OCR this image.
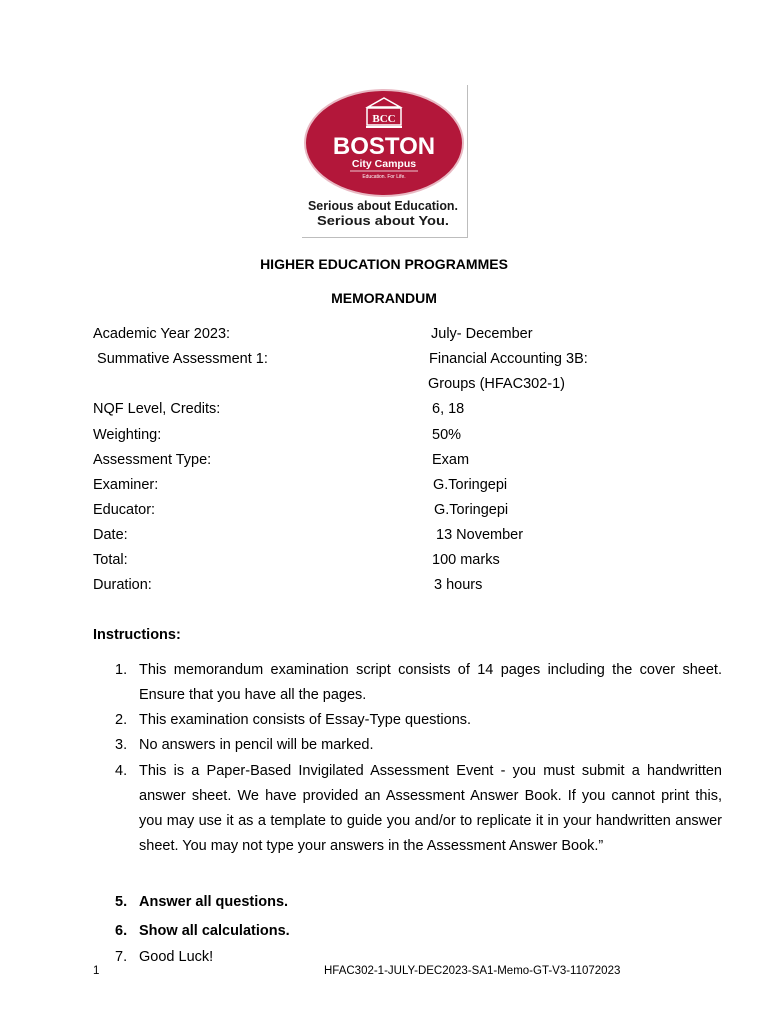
BCC
BOSTON
City Campus
Education. For Life.
Serious about Education.
Serious about You.
HIGHER EDUCATION PROGRAMMES
MEMORANDUM
Academic Year 2023:	July- December
Summative Assessment 1:	Financial Accounting 3B:
Groups (HFAC302-1)
NQF Level, Credits:	6, 18
Weighting:	50%
Assessment Type:	Exam
Examiner:	G.Toringepi
Educator:	G.Toringepi
Date:	13 November
Total:	100 marks
Duration:	3 hours
Instructions:
1. This memorandum examination script consists of 14 pages including the cover sheet. Ensure that you have all the pages.
2. This examination consists of Essay-Type questions.
3. No answers in pencil will be marked.
4. This is a Paper-Based Invigilated Assessment Event - you must submit a handwritten answer sheet. We have provided an Assessment Answer Book. If you cannot print this, you may use it as a template to guide you and/or to replicate it in your handwritten answer sheet. You may not type your answers in the Assessment Answer Book.”
5. Answer all questions.
6. Show all calculations.
7. Good Luck!
1	HFAC302-1-JULY-DEC2023-SA1-Memo-GT-V3-11072023
